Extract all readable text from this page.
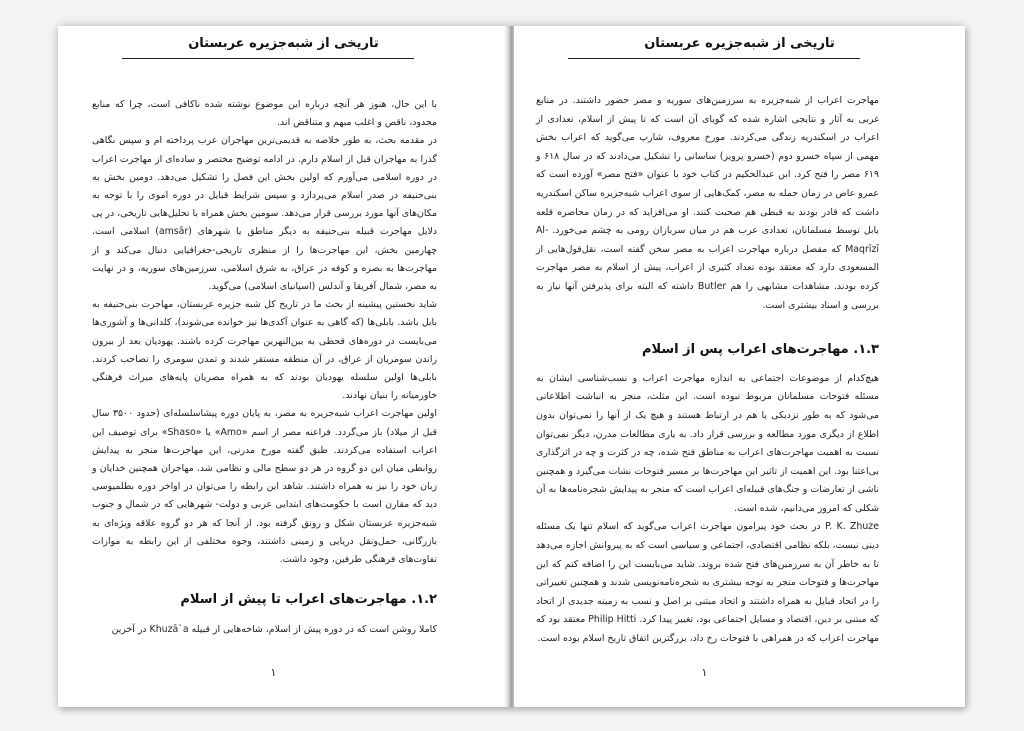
تاریخی از شبه‌جزیره عربستان

با این حال، هنوز هر آنچه درباره این موضوع نوشته شده ناکافی است، چرا که منابع محدود، ناقص و اغلب مبهم و متناقض اند.

در مقدمه بحث، به طور خلاصه به قدیمی‌ترین مهاجران عرب پرداخته ام و سپس نگاهی گذرا به مهاجران قبل از اسلام دارم. در ادامه توضیح مختصر و ساده‌ای از مهاجرت اعراب در دوره اسلامی می‌آورم که اولین بخش این فصل را تشکیل می‌دهد. دومین بخش به بنی‌حنیفه در صدر اسلام می‌پردازد و سپس شرایط قبایل در دوره اموی را با توجه به مکان‌های آنها مورد بررسی قرار می‌دهد. سومین بخش همراه با تحلیل‌هایی تاریخی، در پی دلایل مهاجرت قبیله بنی‌حنیفه به دیگر مناطق یا شهرهای (amsār) اسلامی است. چهارمین بخش، این مهاجرت‌ها را از منظری تاریخی-جغرافیایی دنبال می‌کند و از مهاجرت‌ها به بصره و کوفه در عراق، به شرق اسلامی، سرزمین‌های سوریه، و در نهایت به مصر، شمال آفریقا و آندلس (اسپانیای اسلامی) می‌گوید.

شاید نخستین پیشینه از بحث ما در تاریخ کل شبه جزیره عربستان، مهاجرت بنی‌حنیفه به بابل باشد. بابلی‌ها (که گاهی به عنوان آکدی‌ها نیز خوانده می‌شوند)، کلدانی‌ها و آشوری‌ها می‌بایست در دوره‌های قحطی به بین‌النهرین مهاجرت کرده باشند. یهودیان بعد از بیرون راندن سومریان از عراق، در آن منطقه مستقر شدند و تمدن سومری را تصاحب کردند. بابلی‌ها اولین سلسله یهودیان بودند که به همراه مصریان پایه‌های میراث فرهنگی خاورمیانه را بنیان نهادند.

اولین مهاجرت اعراب شبه‌جزیره به مصر، به پایان دوره پیشاسلسله‌ای (حدود ۳۵۰۰ سال قبل از میلاد) باز می‌گردد. فراعنه مصر از اسم «Amo» یا «Shaso» برای توصیف این اعراب استفاده می‌کردند. طبق گفته مورخ مدرنی، این مهاجرت‌ها منجر به پیدایش روابطی میان این دو گروه در هر دو سطح مالی و نظامی شد. مهاجران همچنین خدایان و زبان خود را نیز به همراه داشتند. شاهد این رابطه را می‌توان در اواخر دوره بطلمیوسی دید که مقارن است با حکومت‌های ابتدایی عربی و دولت- شهرهایی که در شمال و جنوب شبه‌جزیره عربستان شکل و رونق گرفته بود. از آنجا که هر دو گروه علاقه ویژه‌ای به بازرگانی، حمل‌ونقل دریایی و زمینی داشتند، وجوه مختلفی از این رابطه به موازات تفاوت‌های فرهنگی طرفین، وجود داشت.

۱.۲. مهاجرت‌های اعراب تا پیش از اسلام

کاملا روشن است که در دوره پیش از اسلام، شاخه‌هایی از قبیله Khuzā`a در آخرین

۱
تاریخی از شبه‌جزیره عربستان

مهاجرت اعراب از شبه‌جزیره به سرزمین‌های سوریه و مصر حضور داشتند. در منابع غربی به آثار و نتایجی اشاره شده که گویای آن است که تا پیش از اسلام، تعدادی از اعراب در اسکندریه زندگی می‌کردند. مورخ معروف، شارپ می‌گوید که اعراب بخش مهمی از سپاه خسرو دوم (خسرو پرویز) ساسانی را تشکیل می‌دادند که در سال ۶۱۸ و ۶۱۹ مصر را فتح کرد. ابن عبدالحکیم در کتاب خود با عنوان «فتح مصر» آورده است که عمرو عاص در زمان حمله به مصر، کمک‌هایی از سوی اعراب شبه‌جزیره ساکن اسکندریه داشت که قادر بودند به قبطی هم صحبت کنند. او می‌افزاید که در زمان محاصره قلعه بابل توسط مسلمانان، تعدادی عرب هم در میان سربازان رومی به چشم می‌خورد. Al-Maqrīzī که مفصل درباره مهاجرت اعراب به مصر سخن گفته است، نقل‌قول‌هایی از المسعودی دارد که معتقد بوده تعداد کثیری از اعراب، پیش از اسلام به مصر مهاجرت کرده بودند. مشاهدات مشابهی را هم Butler داشته که البته برای پذیرفتن آنها نیاز به بررسی و اسناد بیشتری است.

۱.۳. مهاجرت‌های اعراب پس از اسلام

هیچ‌کدام از موضوعات اجتماعی به اندازه مهاجرت اعراب و نسب‌شناسی ایشان به مسئله فتوحات مسلمانان مربوط نبوده است. این مثلث، منجر به انباشت اطلاعاتی می‌شود که به طور نزدیکی با هم در ارتباط هستند و هیچ یک از آنها را نمی‌توان بدون اطلاع از دیگری مورد مطالعه و بررسی قرار داد. به یاری مطالعات مدرن، دیگر نمی‌توان نسبت به اهمیت مهاجرت‌های اعراب به مناطق فتح شده، چه در کثرت و چه در اثرگذاری بی‌اعتنا بود. این اهمیت از تاثیر این مهاجرت‌ها بر مسیر فتوحات نشات می‌گیرد و همچنین ناشی از تعارضات و جنگ‌های قبیله‌ای اعراب است که منجر به پیدایش شجره‌نامه‌ها به آن شکلی که امروز می‌دانیم، شده است.

P. K. Zhuze در بحث خود پیرامون مهاجرت اعراب می‌گوید که اسلام تنها یک مسئله دینی نیست، بلکه نظامی اقتصادی، اجتماعی و سیاسی است که به پیروانش اجازه می‌دهد تا به خاطر آن به سرزمین‌های فتح شده بروند. شاید می‌بایست این را اضافه کنم که این مهاجرت‌ها و فتوحات منجر به توجه بیشتری به شجره‌نامه‌نویسی شدند و همچنین تغییراتی را در اتحاد قبایل به همراه داشتند و اتحاد مبتنی بر اصل و نسب به زمینه جدیدی از اتحاد که مبتنی بر دین، اقتصاد و مسایل اجتماعی بود، تغییر پیدا کرد. Philip Hitti معتقد بود که مهاجرت اعراب که در همراهی با فتوحات رخ داد، بزرگترین اتفاق تاریخ اسلام بوده است.

۱
